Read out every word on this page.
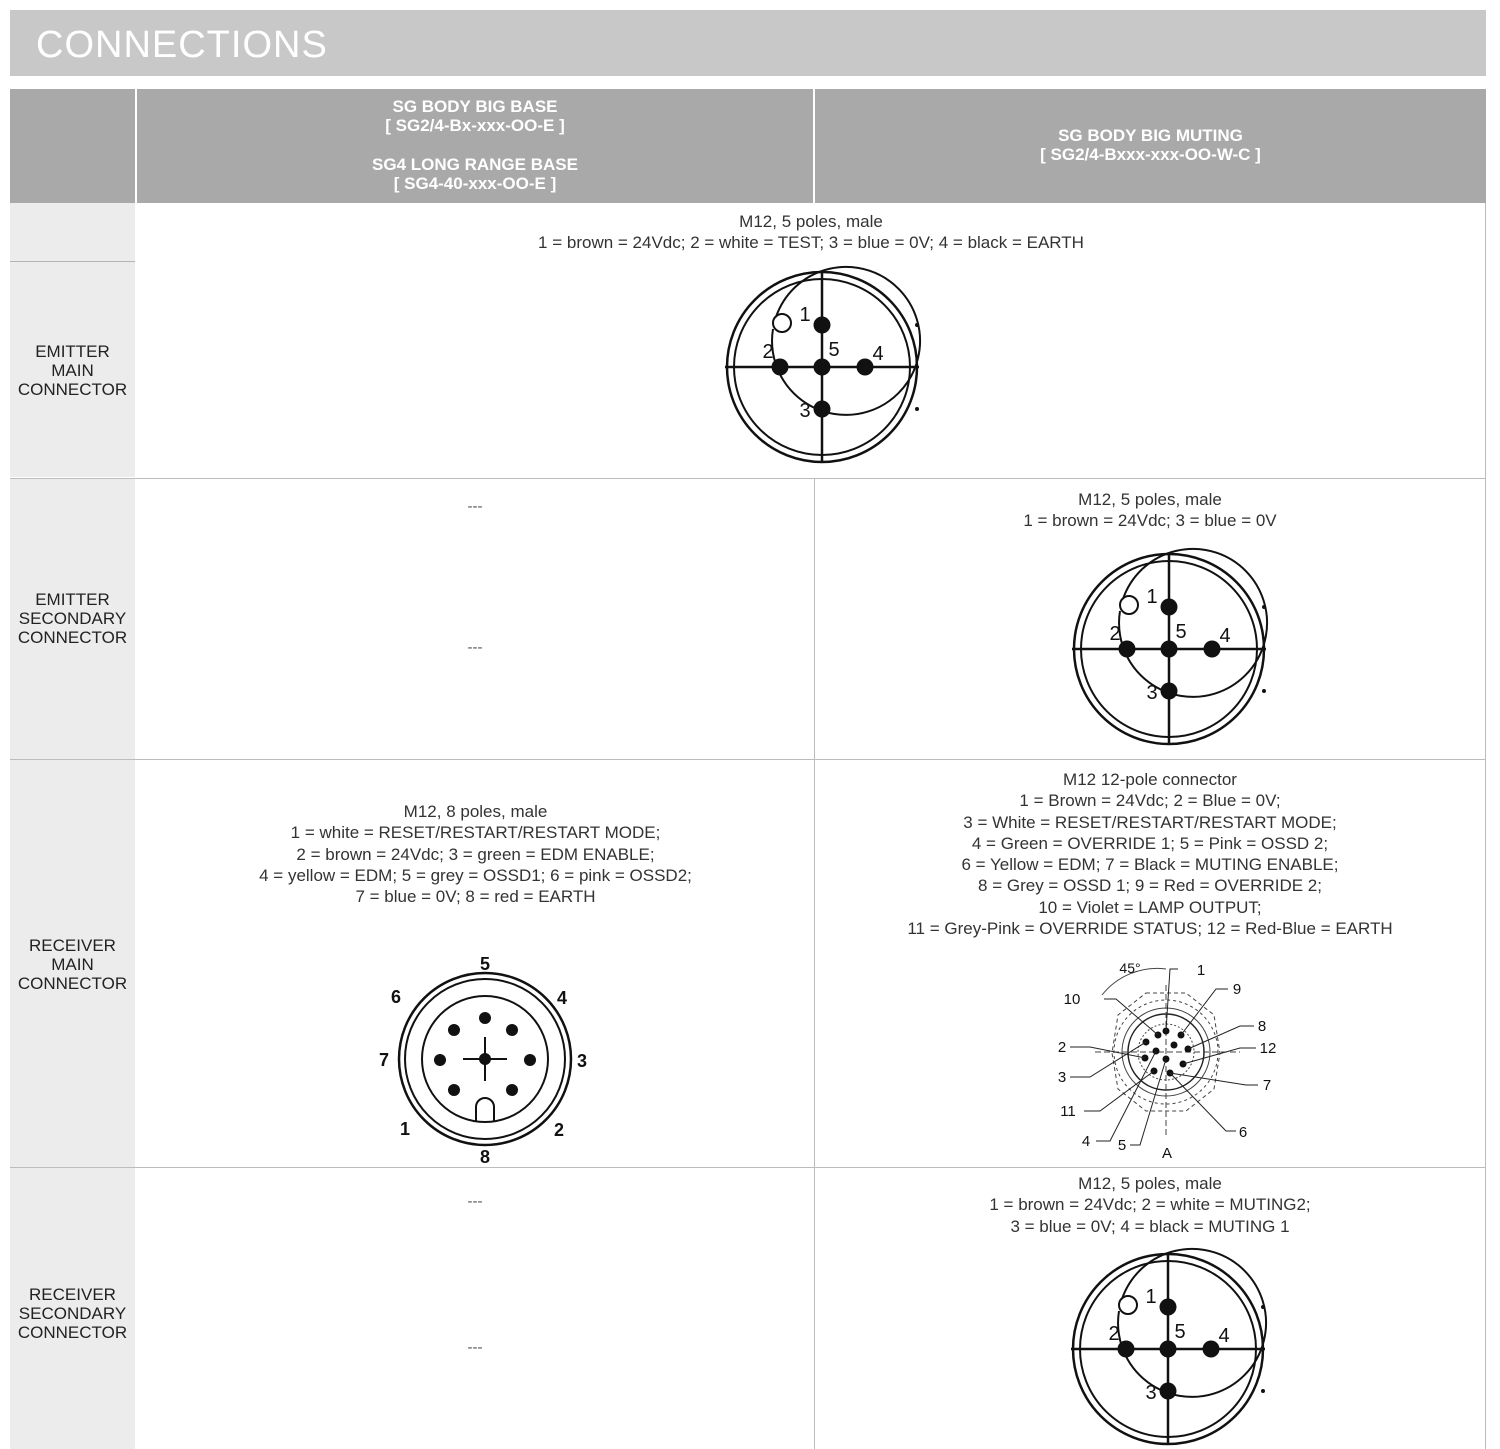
CONNECTIONS
SG BODY BIG BASE
[ SG2/4-Bx-xxx-OO-E ]
SG4 LONG RANGE BASE
[ SG4-40-xxx-OO-E ]
SG BODY BIG MUTING
[ SG2/4-Bxxx-xxx-OO-W-C ]
EMITTER
MAIN
CONNECTOR
EMITTER
SECONDARY
CONNECTOR
RECEIVER
MAIN
CONNECTOR
RECEIVER
SECONDARY
CONNECTOR
M12, 5 poles, male
1 = brown = 24Vdc; 2 = white = TEST; 3 = blue = 0V; 4 = black = EARTH
1
2
3
4
5
---
---
M12, 5 poles, male
1 = brown = 24Vdc; 3 = blue = 0V
1
2
3
4
5
M12, 8 poles, male
1 = white = RESET/RESTART/RESTART MODE;
2 = brown = 24Vdc; 3 = green = EDM ENABLE;
4 = yellow = EDM; 5 = grey = OSSD1; 6 = pink = OSSD2;
7 = blue = 0V; 8 = red = EARTH
5
4
3
2
8
1
7
6
M12 12-pole connector
1 = Brown = 24Vdc; 2 = Blue = 0V;
3 = White = RESET/RESTART/RESTART MODE;
4 = Green = OVERRIDE 1; 5 = Pink = OSSD 2;
6 = Yellow = EDM; 7 = Black = MUTING ENABLE;
8 = Grey = OSSD 1; 9 = Red = OVERRIDE 2;
10 = Violet = LAMP OUTPUT;
11 = Grey-Pink = OVERRIDE STATUS; 12 = Red-Blue = EARTH
45°	1
9
8
12
7
6
10
2
3
11
4 5 A
---
---
M12, 5 poles, male
1 = brown = 24Vdc; 2 = white = MUTING2;
3 = blue = 0V; 4 = black = MUTING 1
1
2
3
4
5
